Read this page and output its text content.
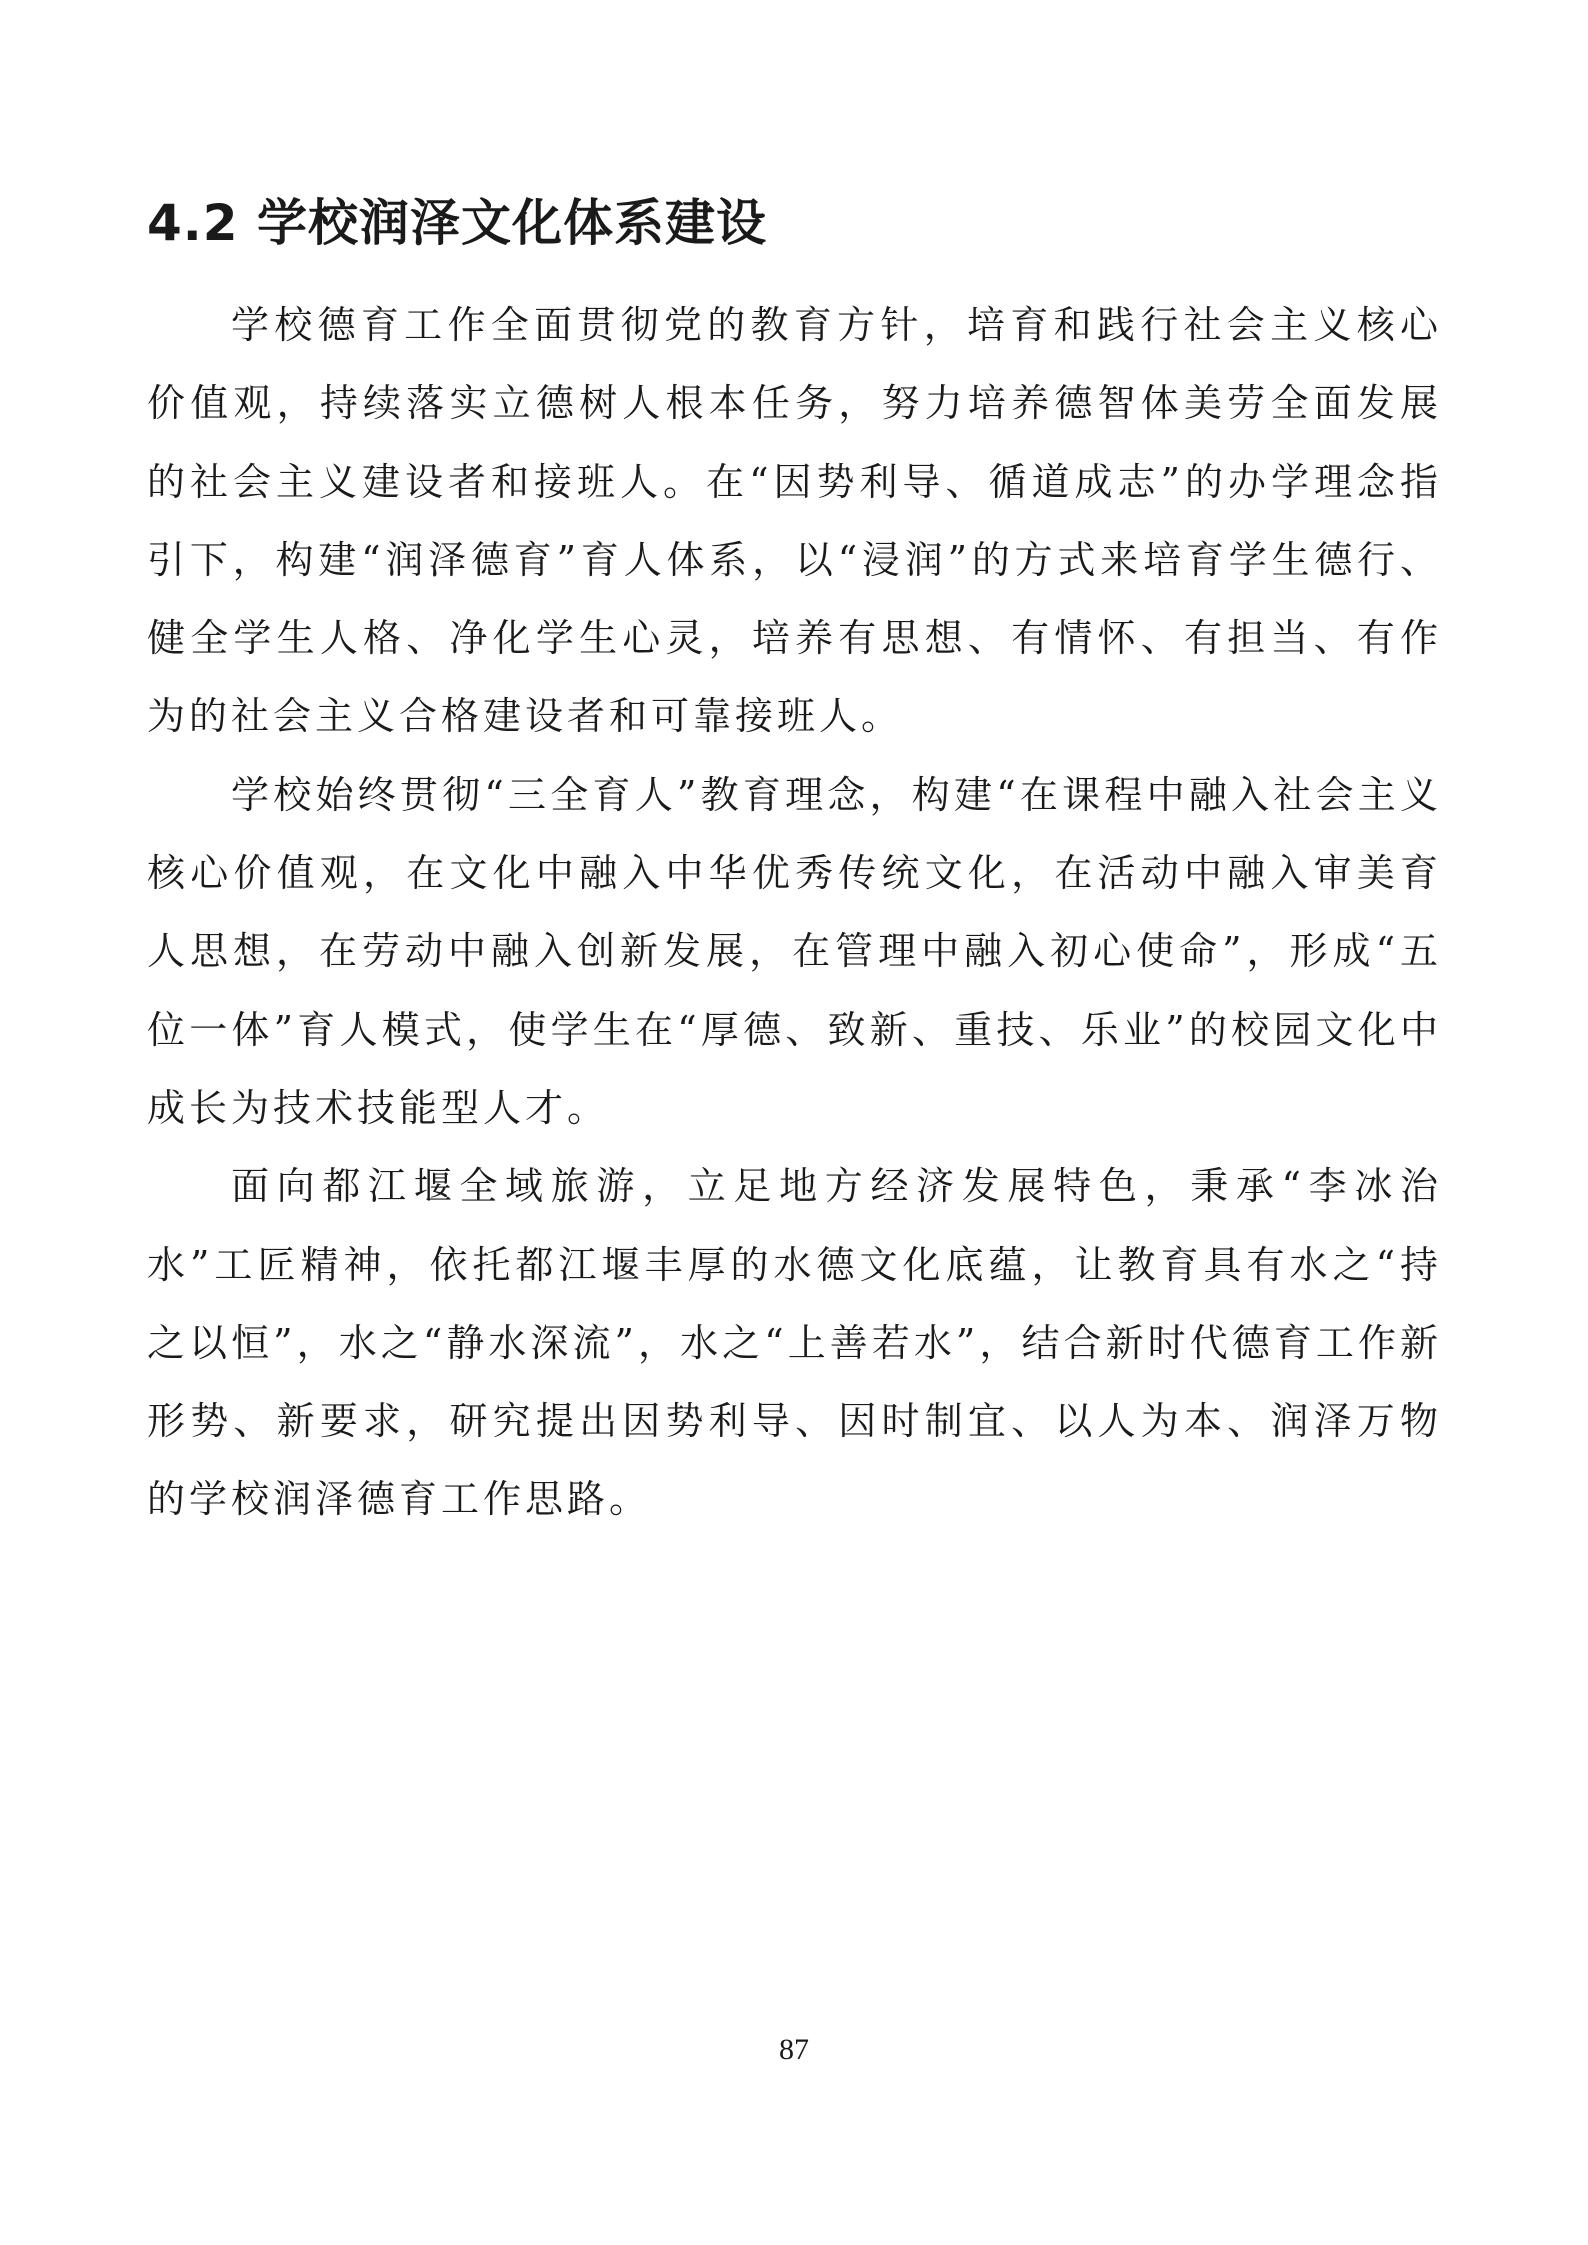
4.2 学校润泽文化体系建设

学校德育工作全面贯彻党的教育方针，培育和践行社会主义核心价值观，持续落实立德树人根本任务，努力培养德智体美劳全面发展的社会主义建设者和接班人。在“因势利导、循道成志”的办学理念指引下，构建“润泽德育”育人体系，以“浸润”的方式来培育学生德行、健全学生人格、净化学生心灵，培养有思想、有情怀、有担当、有作为的社会主义合格建设者和可靠接班人。

学校始终贯彻“三全育人”教育理念，构建“在课程中融入社会主义核心价值观，在文化中融入中华优秀传统文化，在活动中融入审美育人思想，在劳动中融入创新发展，在管理中融入初心使命”，形成“五位一体”育人模式，使学生在“厚德、致新、重技、乐业”的校园文化中成长为技术技能型人才。

面向都江堰全域旅游，立足地方经济发展特色，秉承“李冰治水”工匠精神，依托都江堰丰厚的水德文化底蕴，让教育具有水之“持之以恒”，水之“静水深流”，水之“上善若水”，结合新时代德育工作新形势、新要求，研究提出因势利导、因时制宜、以人为本、润泽万物的学校润泽德育工作思路。

87
